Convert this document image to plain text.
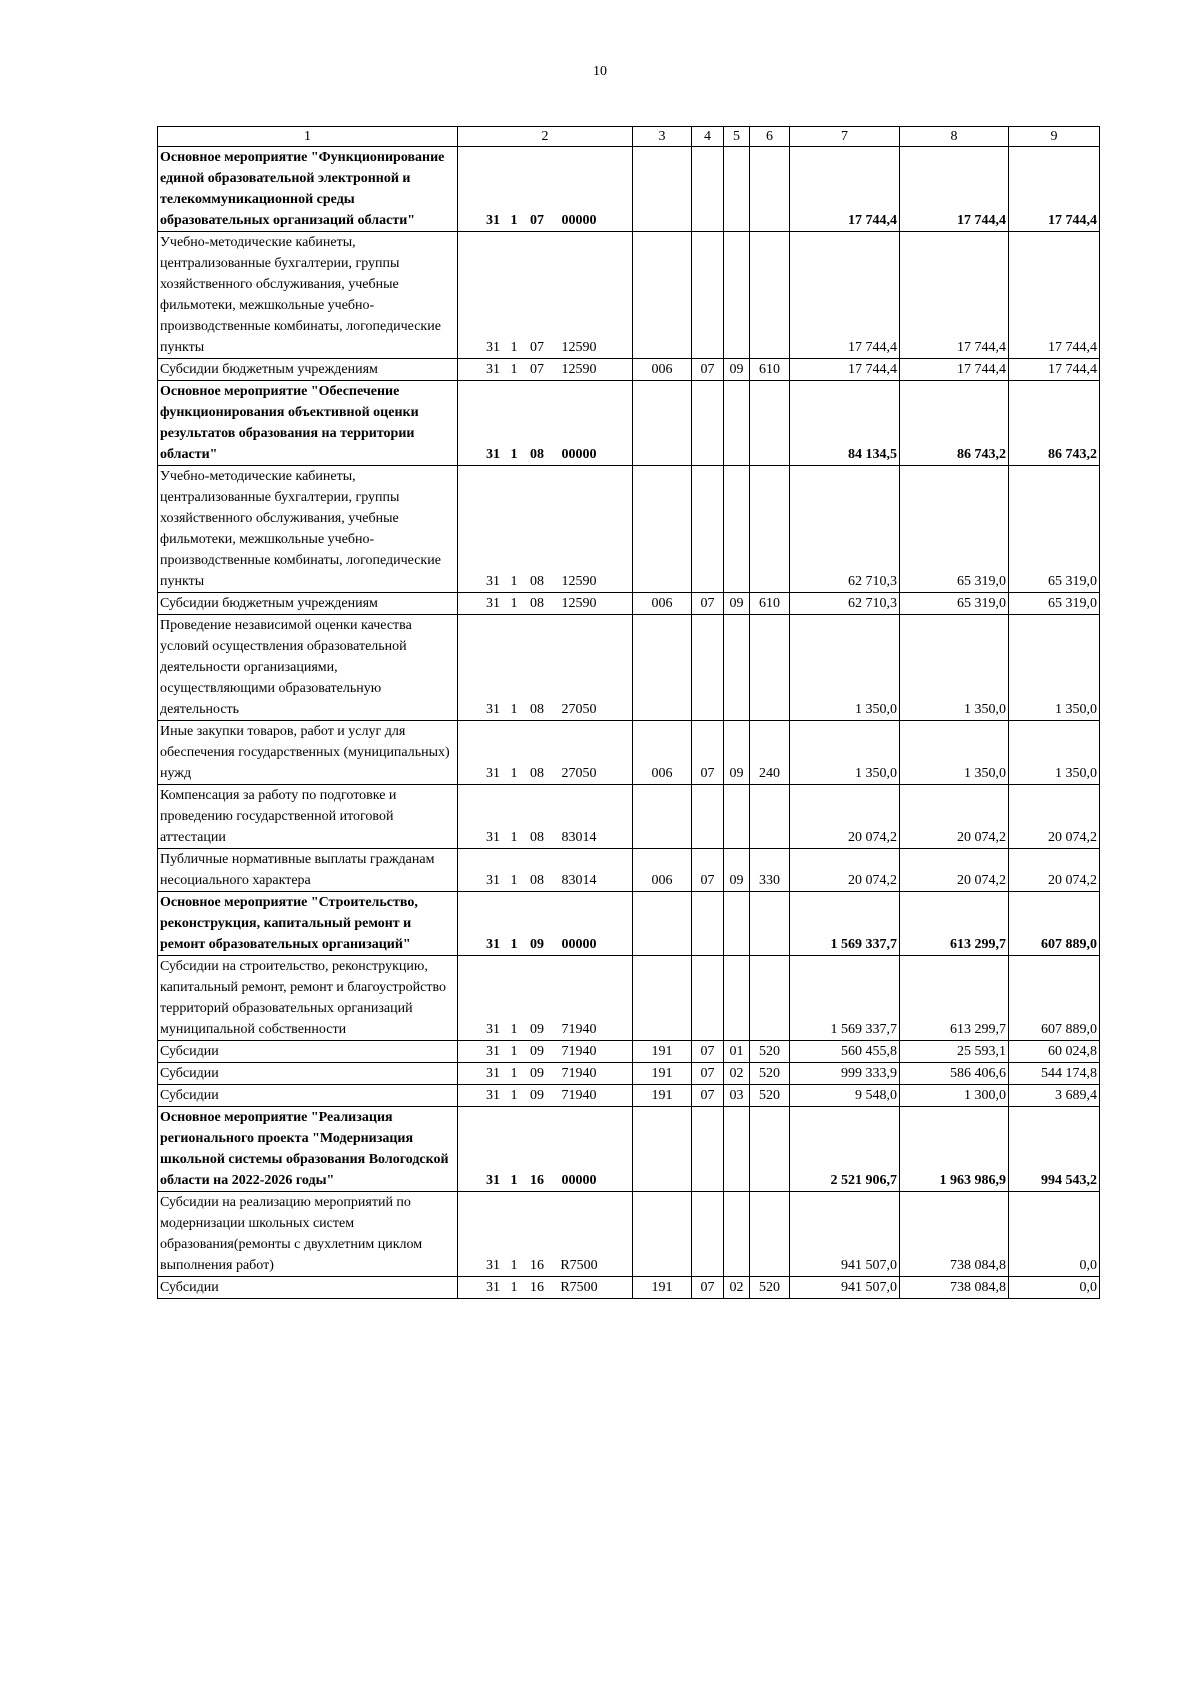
10
1	2	3	4	5	6	7	8	9
Основное мероприятие "Функционирование единой образовательной электронной и телекоммуникационной среды образовательных организаций области"	31 1 07 00000					17 744,4	17 744,4	17 744,4
Учебно-методические кабинеты, централизованные бухгалтерии, группы хозяйственного обслуживания, учебные фильмотеки, межшкольные учебно-производственные комбинаты, логопедические пункты	31 1 07 12590					17 744,4	17 744,4	17 744,4
Субсидии бюджетным учреждениям	31 1 07 12590	006	07	09	610	17 744,4	17 744,4	17 744,4
Основное мероприятие "Обеспечение функционирования объективной оценки результатов образования на территории области"	31 1 08 00000					84 134,5	86 743,2	86 743,2
Учебно-методические кабинеты, централизованные бухгалтерии, группы хозяйственного обслуживания, учебные фильмотеки, межшкольные учебно-производственные комбинаты, логопедические пункты	31 1 08 12590					62 710,3	65 319,0	65 319,0
Субсидии бюджетным учреждениям	31 1 08 12590	006	07	09	610	62 710,3	65 319,0	65 319,0
Проведение независимой оценки качества условий осуществления образовательной деятельности организациями, осуществляющими образовательную деятельность	31 1 08 27050					1 350,0	1 350,0	1 350,0
Иные закупки товаров, работ и услуг для обеспечения государственных (муниципальных) нужд	31 1 08 27050	006	07	09	240	1 350,0	1 350,0	1 350,0
Компенсация за работу по подготовке и проведению государственной итоговой аттестации	31 1 08 83014					20 074,2	20 074,2	20 074,2
Публичные нормативные выплаты гражданам несоциального характера	31 1 08 83014	006	07	09	330	20 074,2	20 074,2	20 074,2
Основное мероприятие "Строительство, реконструкция, капитальный ремонт и ремонт образовательных организаций"	31 1 09 00000					1 569 337,7	613 299,7	607 889,0
Субсидии на строительство, реконструкцию, капитальный ремонт, ремонт и благоустройство территорий образовательных организаций муниципальной собственности	31 1 09 71940					1 569 337,7	613 299,7	607 889,0
Субсидии	31 1 09 71940	191	07	01	520	560 455,8	25 593,1	60 024,8
Субсидии	31 1 09 71940	191	07	02	520	999 333,9	586 406,6	544 174,8
Субсидии	31 1 09 71940	191	07	03	520	9 548,0	1 300,0	3 689,4
Основное мероприятие "Реализация регионального проекта "Модернизация школьной системы образования Вологодской области на 2022-2026 годы"	31 1 16 00000					2 521 906,7	1 963 986,9	994 543,2
Субсидии на реализацию мероприятий по модернизации школьных систем образования(ремонты с двухлетним циклом выполнения работ)	31 1 16 R7500					941 507,0	738 084,8	0,0
Субсидии	31 1 16 R7500	191	07	02	520	941 507,0	738 084,8	0,0
